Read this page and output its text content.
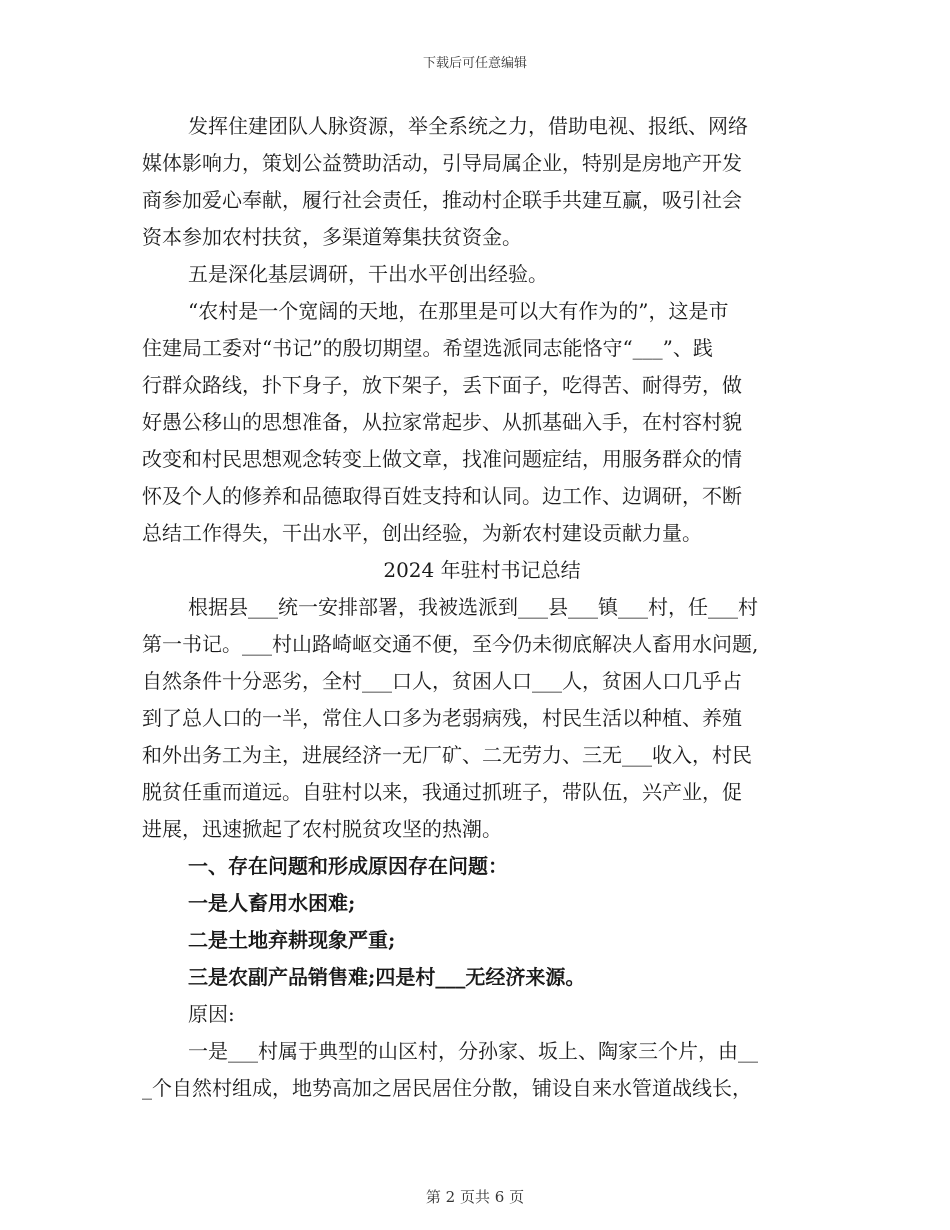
下载后可任意编辑
发挥住建团队人脉资源，举全系统之力，借助电视、报纸、网络
媒体影响力，策划公益赞助活动，引导局属企业，特别是房地产开发
商参加爱心奉献，履行社会责任，推动村企联手共建互赢，吸引社会
资本参加农村扶贫，多渠道筹集扶贫资金。
五是深化基层调研，干出水平创出经验。
“农村是一个宽阔的天地，在那里是可以大有作为的”，这是市
住建局工委对“书记”的殷切期望。希望选派同志能恪守“___”、践
行群众路线，扑下身子，放下架子，丢下面子，吃得苦、耐得劳，做
好愚公移山的思想准备，从拉家常起步、从抓基础入手，在村容村貌
改变和村民思想观念转变上做文章，找准问题症结，用服务群众的情
怀及个人的修养和品德取得百姓支持和认同。边工作、边调研，不断
总结工作得失，干出水平，创出经验，为新农村建设贡献力量。
2024 年驻村书记总结
根据县___统一安排部署，我被选派到___县___镇___村，任___村
第一书记。___村山路崎岖交通不便，至今仍未彻底解决人畜用水问题,
自然条件十分恶劣，全村___口人，贫困人口___人，贫困人口几乎占
到了总人口的一半，常住人口多为老弱病残，村民生活以种植、养殖
和外出务工为主，进展经济一无厂矿、二无劳力、三无___收入，村民
脱贫任重而道远。自驻村以来，我通过抓班子，带队伍，兴产业，促
进展，迅速掀起了农村脱贫攻坚的热潮。
一、存在问题和形成原因存在问题：
一是人畜用水困难;
二是土地弃耕现象严重;
三是农副产品销售难;四是村___无经济来源。
原因:
一是___村属于典型的山区村，分孙家、坂上、陶家三个片，由__
_个自然村组成，地势高加之居民居住分散，铺设自来水管道战线长，
第 2 页共 6 页
